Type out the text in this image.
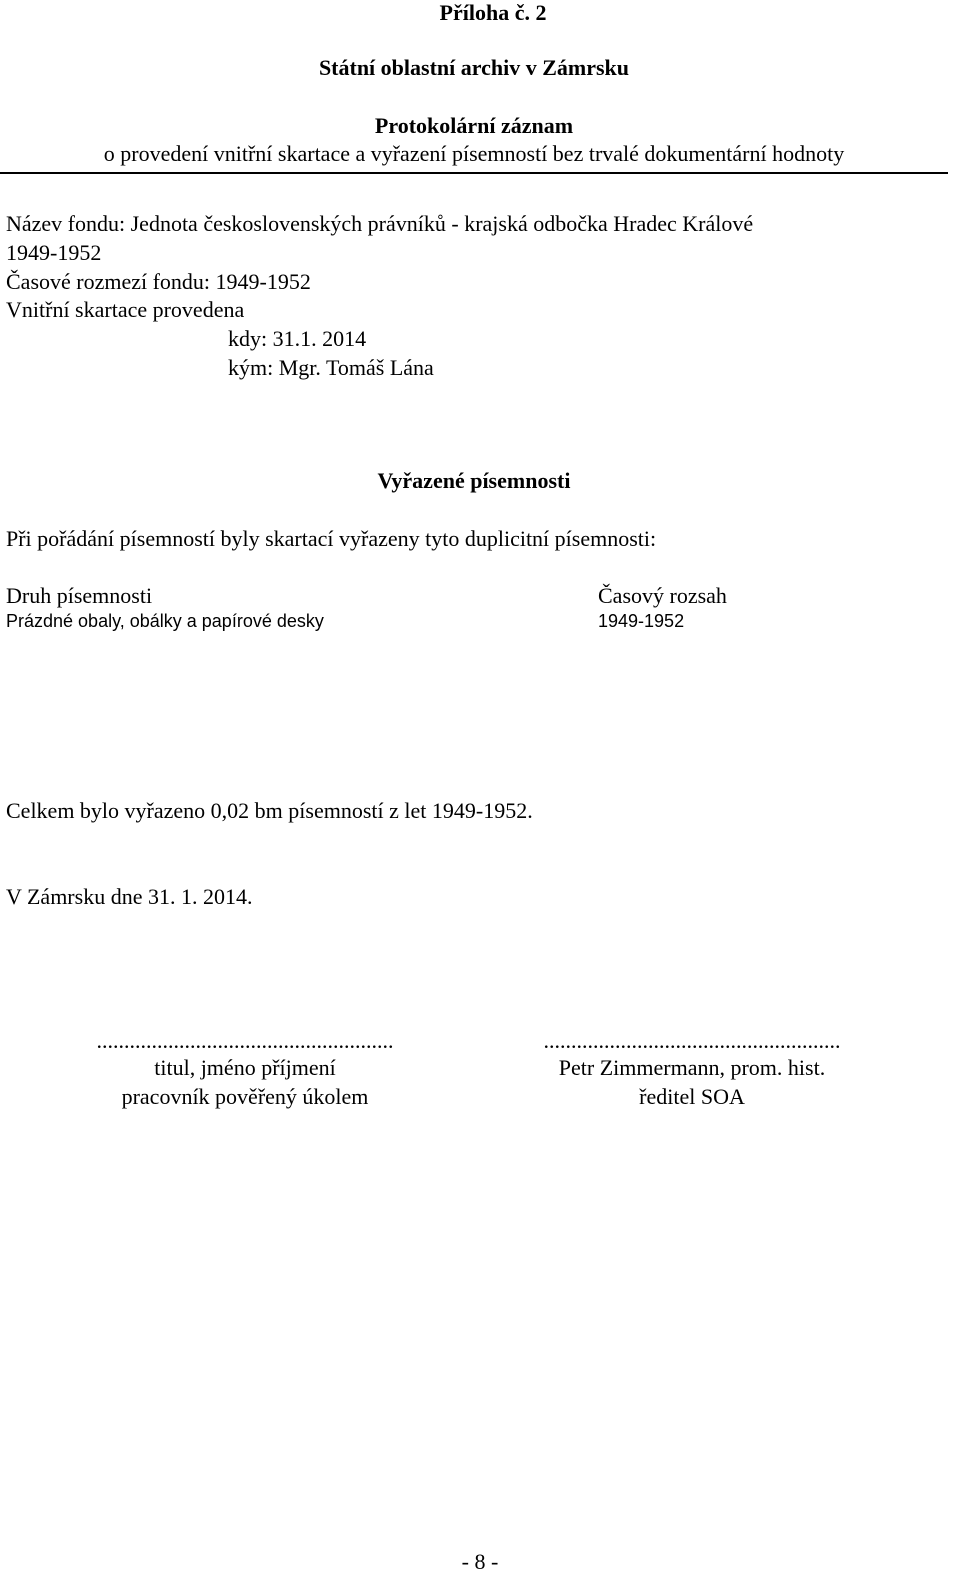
Příloha č. 2
Státní oblastní archiv v Zámrsku
Protokolární záznam
o provedení vnitřní skartace a vyřazení písemností bez trvalé dokumentární hodnoty
Název fondu: Jednota československých právníků - krajská odbočka Hradec Králové
1949-1952
Časové rozmezí fondu: 1949-1952
Vnitřní skartace provedena
kdy: 31.1. 2014
kým: Mgr. Tomáš Lána
Vyřazené písemnosti
Při pořádání písemností byly skartací vyřazeny tyto duplicitní písemnosti:
Druh písemnosti	Časový rozsah
Prázdné obaly, obálky a papírové desky	1949-1952
Celkem bylo vyřazeno 0,02 bm písemností z let 1949-1952.
V Zámrsku dne 31. 1. 2014.
......................................................
titul, jméno příjmení
pracovník pověřený úkolem
......................................................
Petr Zimmermann, prom. hist.
ředitel SOA
- 8 -
